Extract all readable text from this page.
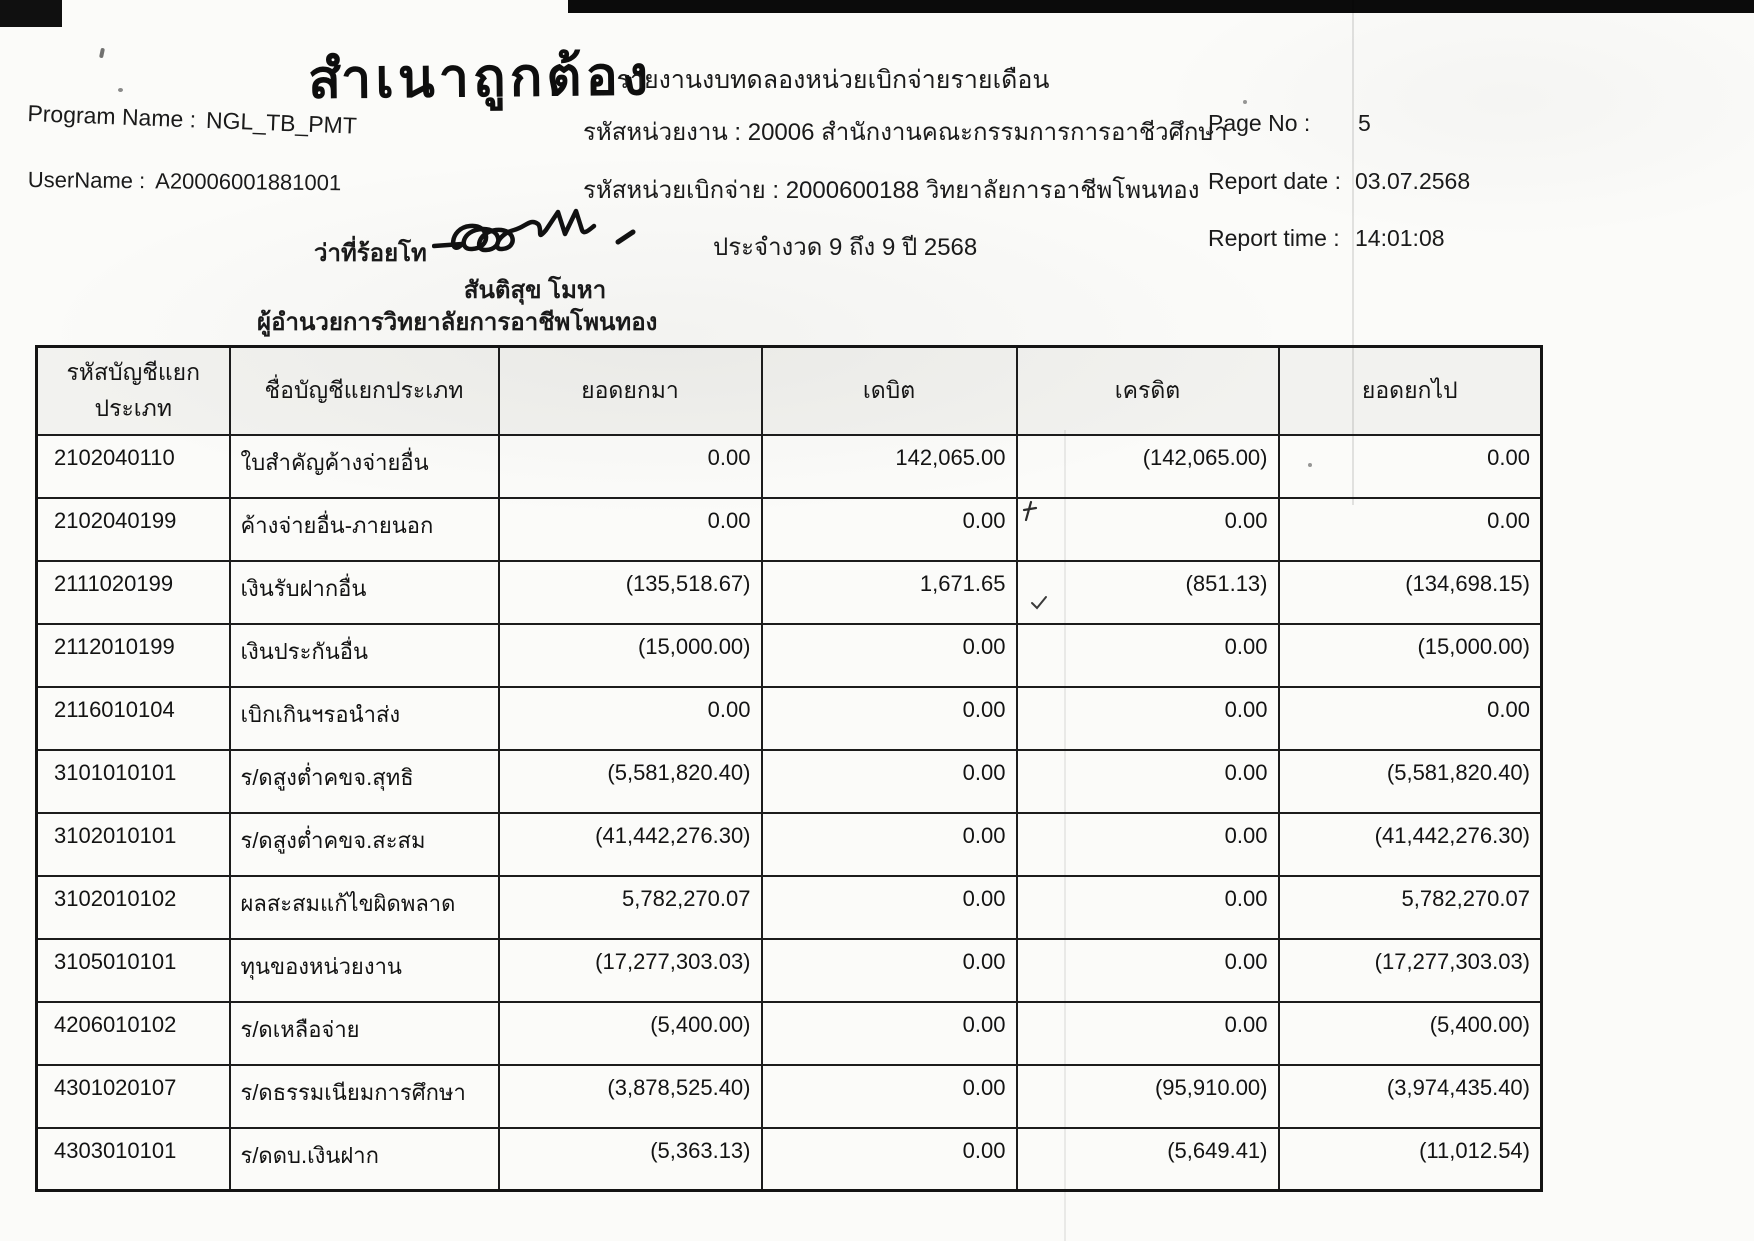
สำเนาถูกต้อง
Program Name : NGL_TB_PMT
UserName : A20006001881001
รายงานงบทดลองหน่วยเบิกจ่ายรายเดือน
รหัสหน่วยงาน : 20006 สำนักงานคณะกรรมการการอาชีวศึกษา
รหัสหน่วยเบิกจ่าย : 2000600188 วิทยาลัยการอาชีพโพนทอง
ประจำงวด 9 ถึง 9 ปี 2568
Page No : 5
Report date : 03.07.2568
Report time : 14:01:08
ว่าที่ร้อยโท
สันติสุข โมหา
ผู้อำนวยการวิทยาลัยการอาชีพโพนทอง
รหัสบัญชีแยกประเภท	ชื่อบัญชีแยกประเภท	ยอดยกมา	เดบิต	เครดิต	ยอดยกไป
2102040110	ใบสำคัญค้างจ่ายอื่น	0.00	142,065.00	(142,065.00)	0.00
2102040199	ค้างจ่ายอื่น-ภายนอก	0.00	0.00	0.00	0.00
2111020199	เงินรับฝากอื่น	(135,518.67)	1,671.65	(851.13)	(134,698.15)
2112010199	เงินประกันอื่น	(15,000.00)	0.00	0.00	(15,000.00)
2116010104	เบิกเกินฯรอนำส่ง	0.00	0.00	0.00	0.00
3101010101	ร/ดสูงต่ำคขจ.สุทธิ	(5,581,820.40)	0.00	0.00	(5,581,820.40)
3102010101	ร/ดสูงต่ำคขจ.สะสม	(41,442,276.30)	0.00	0.00	(41,442,276.30)
3102010102	ผลสะสมแก้ไขผิดพลาด	5,782,270.07	0.00	0.00	5,782,270.07
3105010101	ทุนของหน่วยงาน	(17,277,303.03)	0.00	0.00	(17,277,303.03)
4206010102	ร/ดเหลือจ่าย	(5,400.00)	0.00	0.00	(5,400.00)
4301020107	ร/ดธรรมเนียมการศึกษา	(3,878,525.40)	0.00	(95,910.00)	(3,974,435.40)
4303010101	ร/ดดบ.เงินฝาก	(5,363.13)	0.00	(5,649.41)	(11,012.54)
